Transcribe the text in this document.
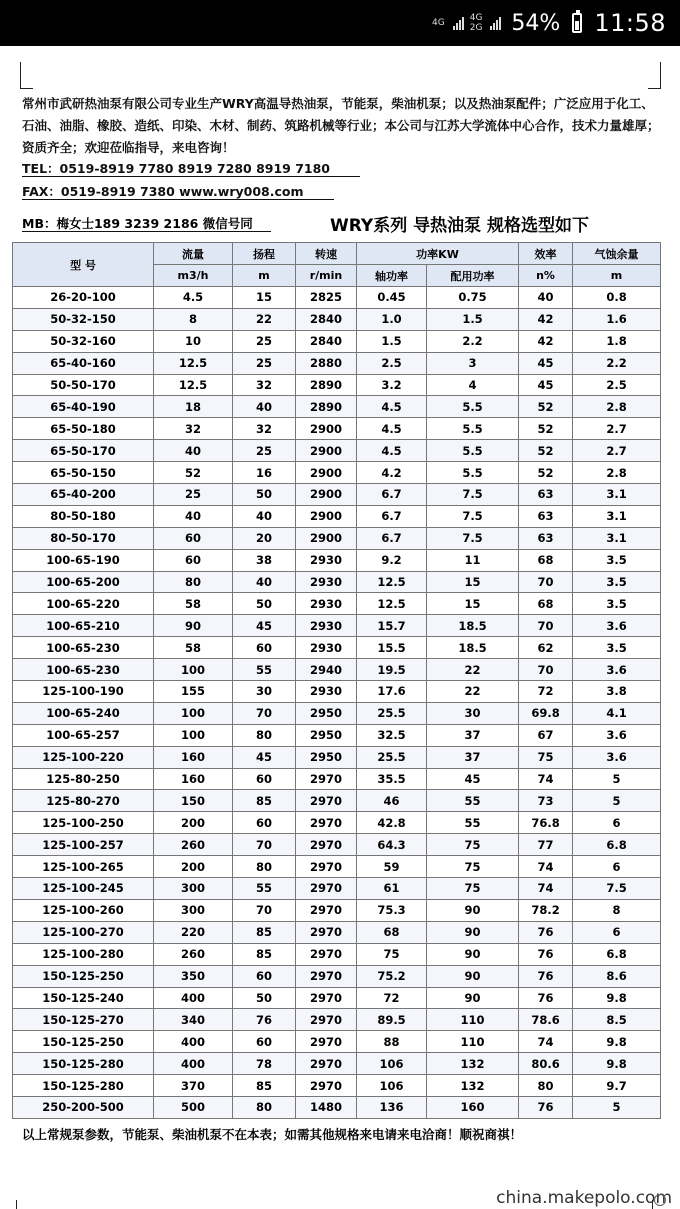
4G	4G
2G 54% 11:58
常州市武研热油泵有限公司专业生产WRY高温导热油泵，节能泵，柴油机泵；以及热油泵配件；广泛应用于化工、石油、油脂、橡胶、造纸、印染、木材、制药、筑路机械等行业；本公司与江苏大学流体中心合作，技术力量雄厚；资质齐全；欢迎莅临指导，来电咨询！
TEL：0519-8919 7780 8919 7280 8919 7180
FAX：0519-8919 7380 www.wry008.com
MB：梅女士189 3239 2186 微信号同	WRY系列 导热油泵 规格选型如下
型 号	流量	扬程	转速	功率KW		效率	气蚀余量
	m3/h	m	r/min	轴功率	配用功率	n%	m
26-20-100	4.5	15	2825	0.45	0.75	40	0.8
50-32-150	8	22	2840	1.0	1.5	42	1.6
50-32-160	10	25	2840	1.5	2.2	42	1.8
65-40-160	12.5	25	2880	2.5	3	45	2.2
50-50-170	12.5	32	2890	3.2	4	45	2.5
65-40-190	18	40	2890	4.5	5.5	52	2.8
65-50-180	32	32	2900	4.5	5.5	52	2.7
65-50-170	40	25	2900	4.5	5.5	52	2.7
65-50-150	52	16	2900	4.2	5.5	52	2.8
65-40-200	25	50	2900	6.7	7.5	63	3.1
80-50-180	40	40	2900	6.7	7.5	63	3.1
80-50-170	60	20	2900	6.7	7.5	63	3.1
100-65-190	60	38	2930	9.2	11	68	3.5
100-65-200	80	40	2930	12.5	15	70	3.5
100-65-220	58	50	2930	12.5	15	68	3.5
100-65-210	90	45	2930	15.7	18.5	70	3.6
100-65-230	58	60	2930	15.5	18.5	62	3.5
100-65-230	100	55	2940	19.5	22	70	3.6
125-100-190	155	30	2930	17.6	22	72	3.8
100-65-240	100	70	2950	25.5	30	69.8	4.1
100-65-257	100	80	2950	32.5	37	67	3.6
125-100-220	160	45	2950	25.5	37	75	3.6
125-80-250	160	60	2970	35.5	45	74	5
125-80-270	150	85	2970	46	55	73	5
125-100-250	200	60	2970	42.8	55	76.8	6
125-100-257	260	70	2970	64.3	75	77	6.8
125-100-265	200	80	2970	59	75	74	6
125-100-245	300	55	2970	61	75	74	7.5
125-100-260	300	70	2970	75.3	90	78.2	8
125-100-270	220	85	2970	68	90	76	6
125-100-280	260	85	2970	75	90	76	6.8
150-125-250	350	60	2970	75.2	90	76	8.6
150-125-240	400	50	2970	72	90	76	9.8
150-125-270	340	76	2970	89.5	110	78.6	8.5
150-125-250	400	60	2970	88	110	74	9.8
150-125-280	400	78	2970	106	132	80.6	9.8
150-125-280	370	85	2970	106	132	80	9.7
250-200-500	500	80	1480	136	160	76	5
以上常规泵参数，节能泵、柴油机泵不在本表；如需其他规格来电请来电洽商！顺祝商祺！
china.makepolo.com
